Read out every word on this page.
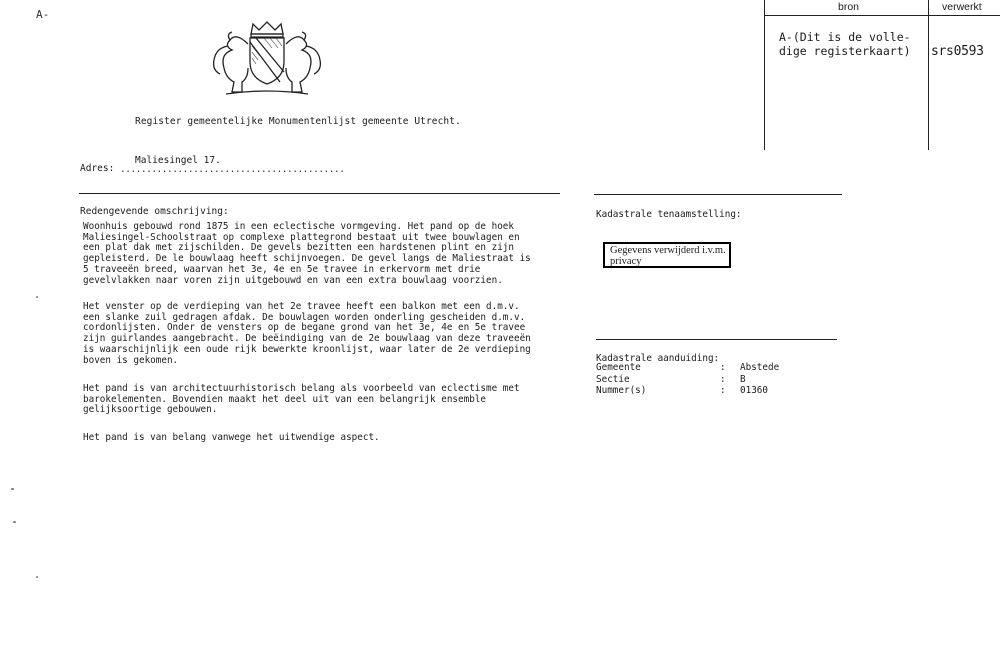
A-
Register gemeentelijke Monumentenlijst gemeente Utrecht.
Adres: ...........................................
Maliesingel 17.
Redengevende omschrijving:
Woonhuis gebouwd rond 1875 in een eclectische vormgeving. Het pand op de hoek
Maliesingel-Schoolstraat op complexe plattegrond bestaat uit twee bouwlagen en
een plat dak met zijschilden. De gevels bezitten een hardstenen plint en zijn
gepleisterd. De le bouwlaag heeft schijnvoegen. De gevel langs de Maliestraat is
5 traveeën breed, waarvan het 3e, 4e en 5e travee in erkervorm met drie
gevelvlakken naar voren zijn uitgebouwd en van een extra bouwlaag voorzien.
Het venster op de verdieping van het 2e travee heeft een balkon met een d.m.v.
een slanke zuil gedragen afdak. De bouwlagen worden onderling gescheiden d.m.v.
cordonlijsten. Onder de vensters op de begane grond van het 3e, 4e en 5e travee
zijn guirlandes aangebracht. De beëindiging van de 2e bouwlaag van deze traveeën
is waarschijnlijk een oude rijk bewerkte kroonlijst, waar later de 2e verdieping
boven is gekomen.
Het pand is van architectuurhistorisch belang als voorbeeld van eclectisme met
barokelementen. Bovendien maakt het deel uit van een belangrijk ensemble
gelijksoortige gebouwen.
Het pand is van belang vanwege het uitwendige aspect.
Kadastrale tenaamstelling:
Gegevens verwijderd i.v.m. privacy
Kadastrale aanduiding:
Gemeente	: Abstede
Sectie	: B
Nummer(s)	: 01360
bron	verwerkt
A-(Dit is de volle-
dige registerkaart) srs0593
